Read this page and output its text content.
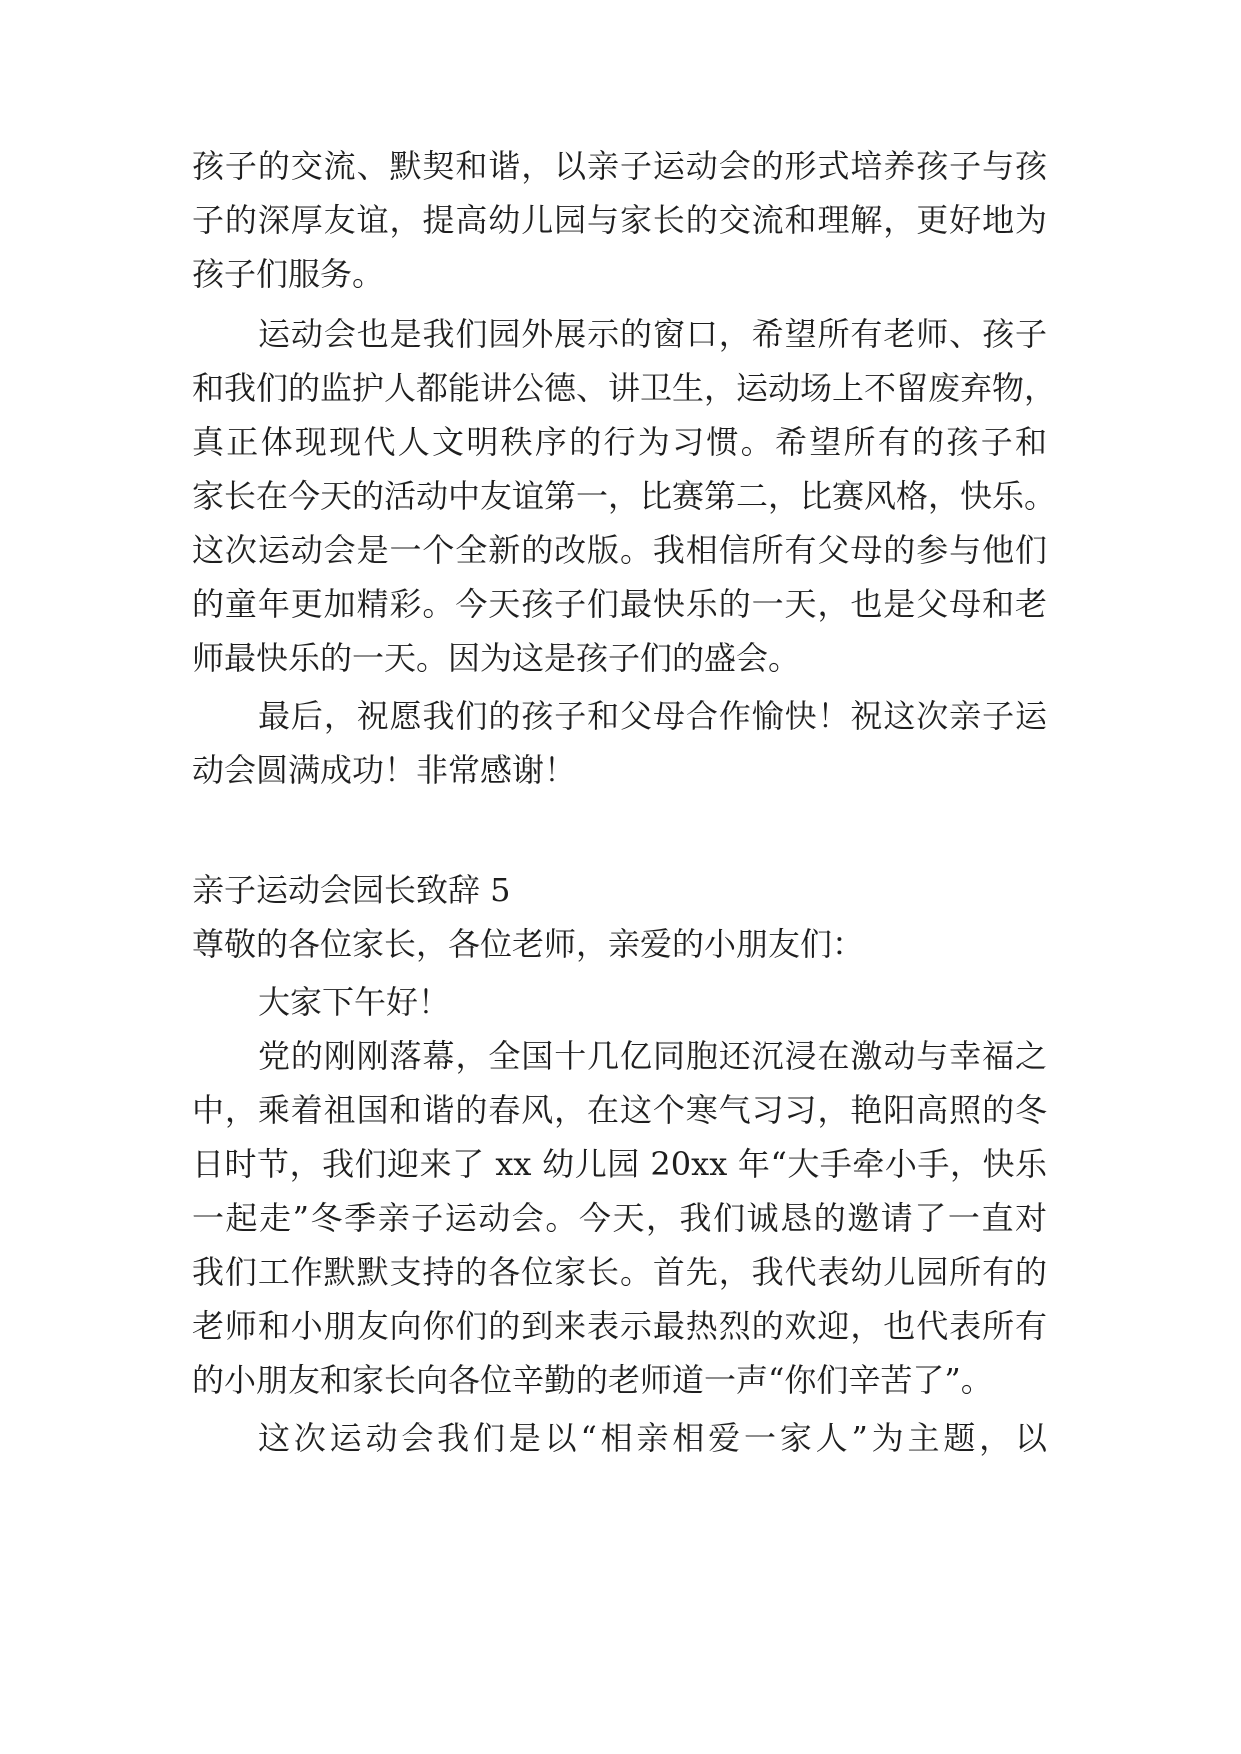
孩子的交流、默契和谐，以亲子运动会的形式培养孩子与孩
子的深厚友谊，提高幼儿园与家长的交流和理解，更好地为
孩子们服务。
运动会也是我们园外展示的窗口，希望所有老师、孩子
和我们的监护人都能讲公德、讲卫生，运动场上不留废弃物，
真正体现现代人文明秩序的行为习惯。希望所有的孩子和
家长在今天的活动中友谊第一，比赛第二，比赛风格，快乐。
这次运动会是一个全新的改版。我相信所有父母的参与他们
的童年更加精彩。今天孩子们最快乐的一天，也是父母和老
师最快乐的一天。因为这是孩子们的盛会。
最后，祝愿我们的孩子和父母合作愉快！祝这次亲子运
动会圆满成功！非常感谢！
亲子运动会园长致辞 5
尊敬的各位家长，各位老师，亲爱的小朋友们：
大家下午好！
党的刚刚落幕，全国十几亿同胞还沉浸在激动与幸福之
中，乘着祖国和谐的春风，在这个寒气习习，艳阳高照的冬
日时节，我们迎来了 xx 幼儿园 20xx 年“大手牵小手，快乐
一起走”冬季亲子运动会。今天，我们诚恳的邀请了一直对
我们工作默默支持的各位家长。首先，我代表幼儿园所有的
老师和小朋友向你们的到来表示最热烈的欢迎，也代表所有
的小朋友和家长向各位辛勤的老师道一声“你们辛苦了”。
这次运动会我们是以“相亲相爱一家人”为主题，以
